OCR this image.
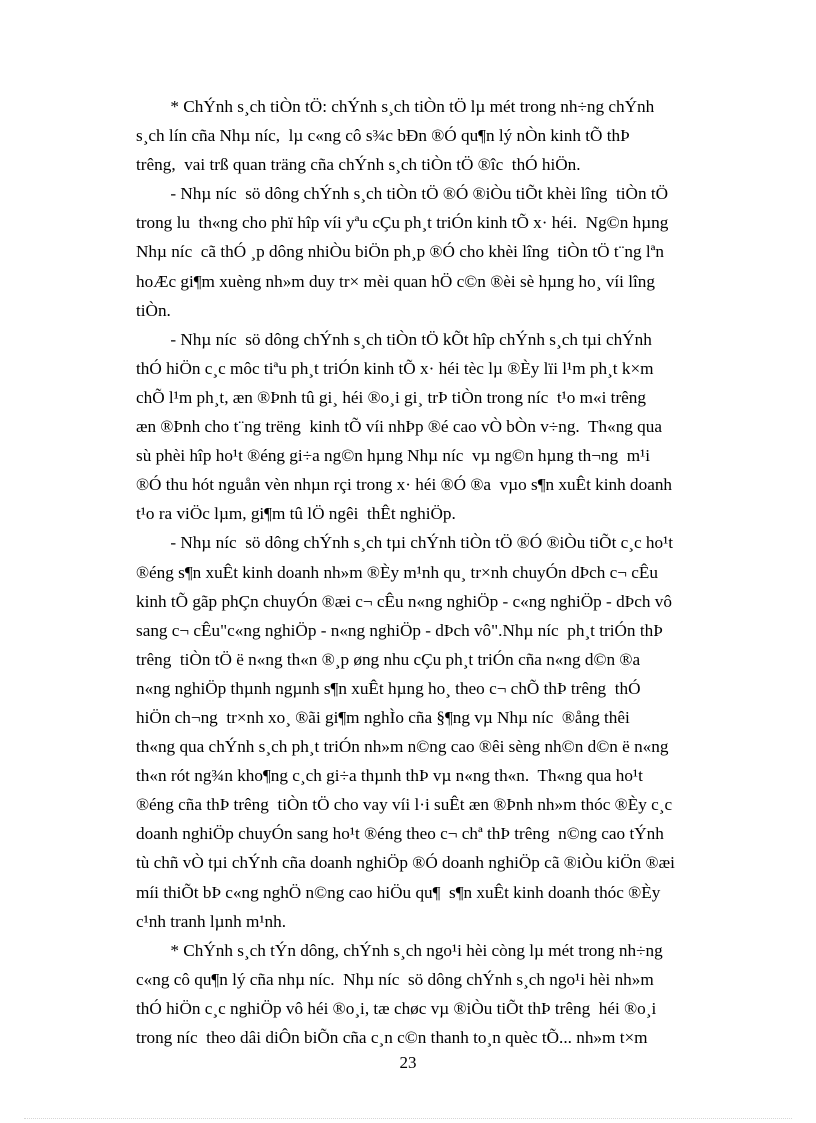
* ChÝnh s¸ch tiÒn tÖ: chÝnh s¸ch tiÒn tÖ lµ mét trong nh÷ng chÝnh
s¸ch lín cña Nhµ níc,  lµ c«ng cô s¾c bÐn ®Ó qu¶n lý nÒn kinh tÕ thÞ
trêng,  vai trß quan träng cña chÝnh s¸ch tiÒn tÖ ®îc  thÓ hiÖn.
- Nhµ níc  sö dông chÝnh s¸ch tiÒn tÖ ®Ó ®iÒu tiÕt khèi lîng  tiÒn tÖ
trong lu  th«ng cho phï hîp víi yªu cÇu ph¸t triÓn kinh tÕ x· héi.  Ng©n hµng
Nhµ níc  cã thÓ ¸p dông nhiÒu biÖn ph¸p ®Ó cho khèi lîng  tiÒn tÖ t¨ng lªn
hoÆc gi¶m xuèng nh»m duy tr× mèi quan hÖ c©n ®èi sè hµng ho¸ víi lîng
tiÒn.
- Nhµ níc  sö dông chÝnh s¸ch tiÒn tÖ kÕt hîp chÝnh s¸ch tµi chÝnh
thÓ hiÖn c¸c môc tiªu ph¸t triÓn kinh tÕ x· héi tèc lµ ®Èy lïi l¹m ph¸t k×m
chÕ l¹m ph¸t, æn ®Þnh tû gi¸ héi ®o¸i gi¸ trÞ tiÒn trong níc  t¹o m«i trêng
æn ®Þnh cho t¨ng trëng  kinh tÕ víi nhÞp ®é cao vÒ bÒn v÷ng.  Th«ng qua
sù phèi hîp ho¹t ®éng gi÷a ng©n hµng Nhµ níc  vµ ng©n hµng th¬ng  m¹i
®Ó thu hót nguån vèn nhµn rçi trong x· héi ®Ó ®a  vµo s¶n xuÊt kinh doanh
t¹o ra viÖc lµm, gi¶m tû lÖ ngêi  thÊt nghiÖp.
- Nhµ níc  sö dông chÝnh s¸ch tµi chÝnh tiÒn tÖ ®Ó ®iÒu tiÕt c¸c ho¹t
®éng s¶n xuÊt kinh doanh nh»m ®Èy m¹nh qu¸ tr×nh chuyÓn dÞch c¬ cÊu
kinh tÕ gãp phÇn chuyÓn ®æi c¬ cÊu n«ng nghiÖp - c«ng nghiÖp - dÞch vô
sang c¬ cÊu"c«ng nghiÖp - n«ng nghiÖp - dÞch vô".Nhµ níc  ph¸t triÓn thÞ
trêng  tiÒn tÖ ë n«ng th«n ®¸p øng nhu cÇu ph¸t triÓn cña n«ng d©n ®a
n«ng nghiÖp thµnh ngµnh s¶n xuÊt hµng ho¸ theo c¬ chÕ thÞ trêng  thÓ
hiÖn ch¬ng  tr×nh xo¸ ®ãi gi¶m nghÌo cña §¶ng vµ Nhµ níc  ®ång thêi
th«ng qua chÝnh s¸ch ph¸t triÓn nh»m n©ng cao ®êi sèng nh©n d©n ë n«ng
th«n rót ng¾n kho¶ng c¸ch gi÷a thµnh thÞ vµ n«ng th«n.  Th«ng qua ho¹t
®éng cña thÞ trêng  tiÒn tÖ cho vay víi l·i suÊt æn ®Þnh nh»m thóc ®Èy c¸c
doanh nghiÖp chuyÓn sang ho¹t ®éng theo c¬ chª thÞ trêng  n©ng cao tÝnh
tù chñ vÒ tµi chÝnh cña doanh nghiÖp ®Ó doanh nghiÖp cã ®iÒu kiÖn ®æi
míi thiÕt bÞ c«ng nghÖ n©ng cao hiÖu qu¶  s¶n xuÊt kinh doanh thóc ®Èy
c¹nh tranh lµnh m¹nh.
* ChÝnh s¸ch tÝn dông, chÝnh s¸ch ngo¹i hèi còng lµ mét trong nh÷ng
c«ng cô qu¶n lý cña nhµ níc.  Nhµ níc  sö dông chÝnh s¸ch ngo¹i hèi nh»m
thÓ hiÖn c¸c nghiÖp vô héi ®o¸i, tæ chøc vµ ®iÒu tiÕt thÞ trêng  héi ®o¸i
trong níc  theo dâi diÔn biÕn cña c¸n c©n thanh to¸n quèc tÕ... nh»m t×m
23
